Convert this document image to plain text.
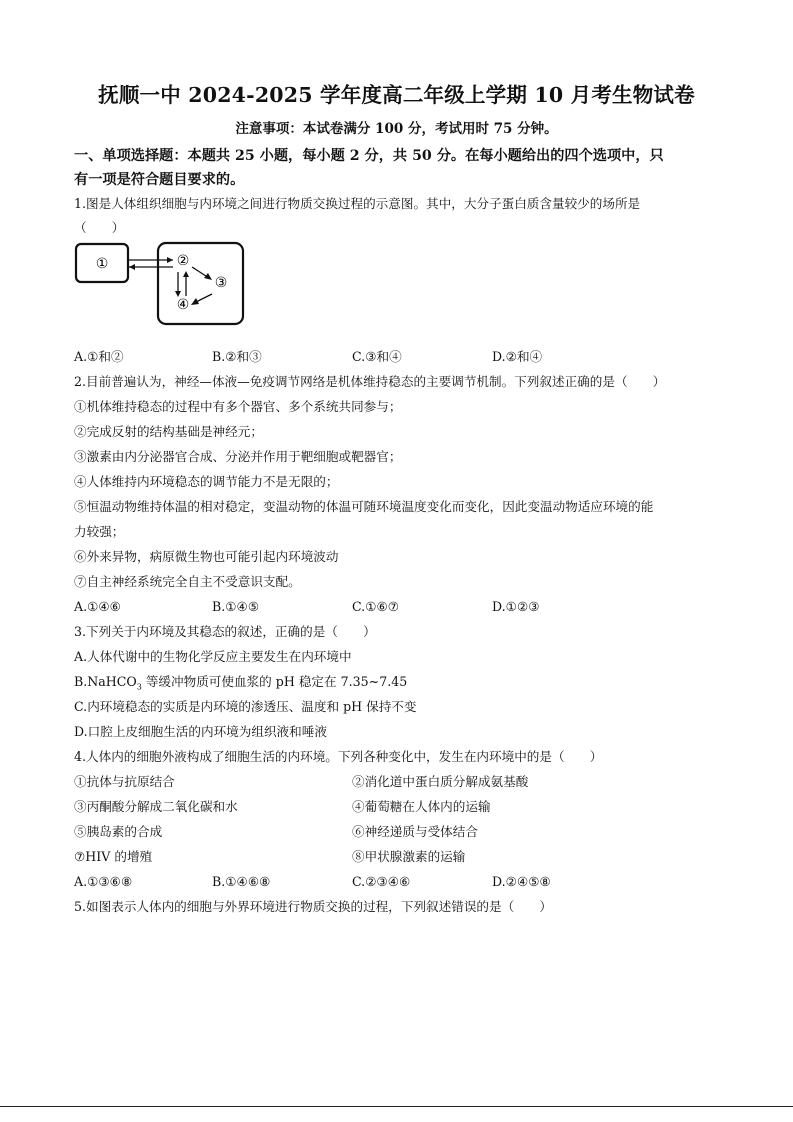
抚顺一中 2024-2025 学年度高二年级上学期 10 月考生物试卷
注意事项：本试卷满分 100 分，考试用时 75 分钟。
一、单项选择题：本题共 25 小题，每小题 2 分，共 50 分。在每小题给出的四个选项中，只
有一项是符合题目要求的。
1.图是人体组织细胞与内环境之间进行物质交换过程的示意图。其中，大分子蛋白质含量较少的场所是
（　　）
①	②
③
④
A.①和②	B.②和③	C.③和④	D.②和④
2.目前普遍认为，神经—体液—免疫调节网络是机体维持稳态的主要调节机制。下列叙述正确的是（　　）
①机体维持稳态的过程中有多个器官、多个系统共同参与；
②完成反射的结构基础是神经元；
③激素由内分泌器官合成、分泌并作用于靶细胞或靶器官；
④人体维持内环境稳态的调节能力不是无限的；
⑤恒温动物维持体温的相对稳定，变温动物的体温可随环境温度变化而变化，因此变温动物适应环境的能
力较强；
⑥外来异物，病原微生物也可能引起内环境波动
⑦自主神经系统完全自主不受意识支配。
A.①④⑥	B.①④⑤	C.①⑥⑦	D.①②③
3.下列关于内环境及其稳态的叙述，正确的是（　　）
A.人体代谢中的生物化学反应主要发生在内环境中
B.NaHCO$_3$ 等缓冲物质可使血浆的 pH 稳定在 7.35~7.45
C.内环境稳态的实质是内环境的渗透压、温度和 pH 保持不变
D.口腔上皮细胞生活的内环境为组织液和唾液
4.人体内的细胞外液构成了细胞生活的内环境。下列各种变化中，发生在内环境中的是（　　）
①抗体与抗原结合	②消化道中蛋白质分解成氨基酸
③丙酮酸分解成二氧化碳和水	④葡萄糖在人体内的运输
⑤胰岛素的合成	⑥神经递质与受体结合
⑦HIV 的增殖	⑧甲状腺激素的运输
A.①③⑥⑧	B.①④⑥⑧	C.②③④⑥	D.②④⑤⑧
5.如图表示人体内的细胞与外界环境进行物质交换的过程，下列叙述错误的是（　　）
